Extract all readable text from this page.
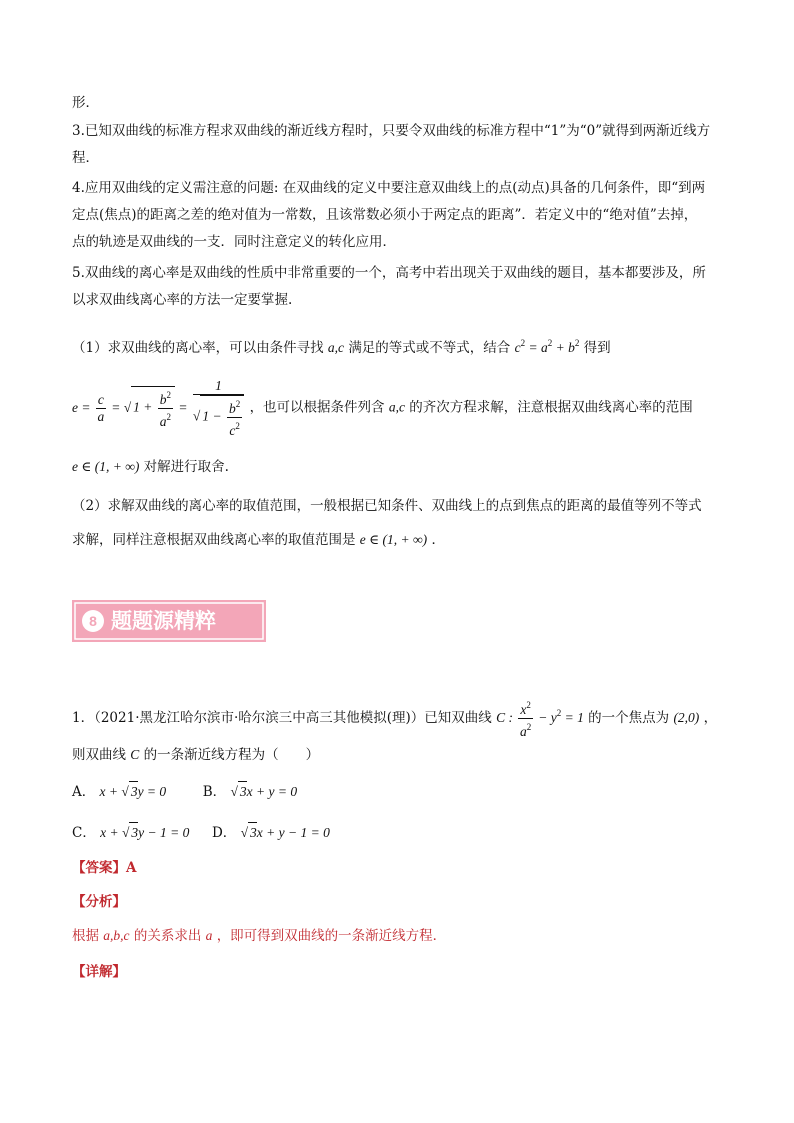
形．
3.已知双曲线的标准方程求双曲线的渐近线方程时，只要令双曲线的标准方程中“1”为“0”就得到两渐近线方
程．
4.应用双曲线的定义需注意的问题: 在双曲线的定义中要注意双曲线上的点(动点)具备的几何条件，即“到两
定点(焦点)的距离之差的绝对值为一常数，且该常数必须小于两定点的距离”．若定义中的“绝对值”去掉，
点的轨迹是双曲线的一支．同时注意定义的转化应用．
5.双曲线的离心率是双曲线的性质中非常重要的一个，高考中若出现关于双曲线的题目，基本都要涉及，所
以求双曲线离心率的方法一定要掌握.
（1）求双曲线的离心率，可以由条件寻找 a,c 满足的等式或不等式，结合 $c^2 = a^2 + b^2$ 得到
$e = \frac{c}{a}$ = √ $1 + \frac{b^2}{a^2} = \frac{1}{√ 1 - \frac{b^2}{c^2}}$ ，也可以根据条件列含 a,c 的齐次方程求解，注意根据双曲线离心率的范围
e ∈ (1, + ∞) 对解进行取舍.
（2）求解双曲线的离心率的取值范围，一般根据已知条件、双曲线上的点到焦点的距离的最值等列不等式
求解，同样注意根据双曲线离心率的取值范围是 e ∈ (1, + ∞) ．
8 题题源精粹
1．（2021·黑龙江哈尔滨市·哈尔滨三中高三其他模拟(理)）已知双曲线 C : $\frac{x^2}{a^2} - y^2 = 1$ 的一个焦点为 (2,0) ，
则双曲线 C 的一条渐近线方程为（　　）
A． x + √ 3y = 0	B． √ 3x + y = 0
C． x + √ 3y − 1 = 0 D． √ 3x + y − 1 = 0
【答案】A
【分析】
根据 a,b,c 的关系求出 a ，即可得到双曲线的一条渐近线方程．
【详解】
